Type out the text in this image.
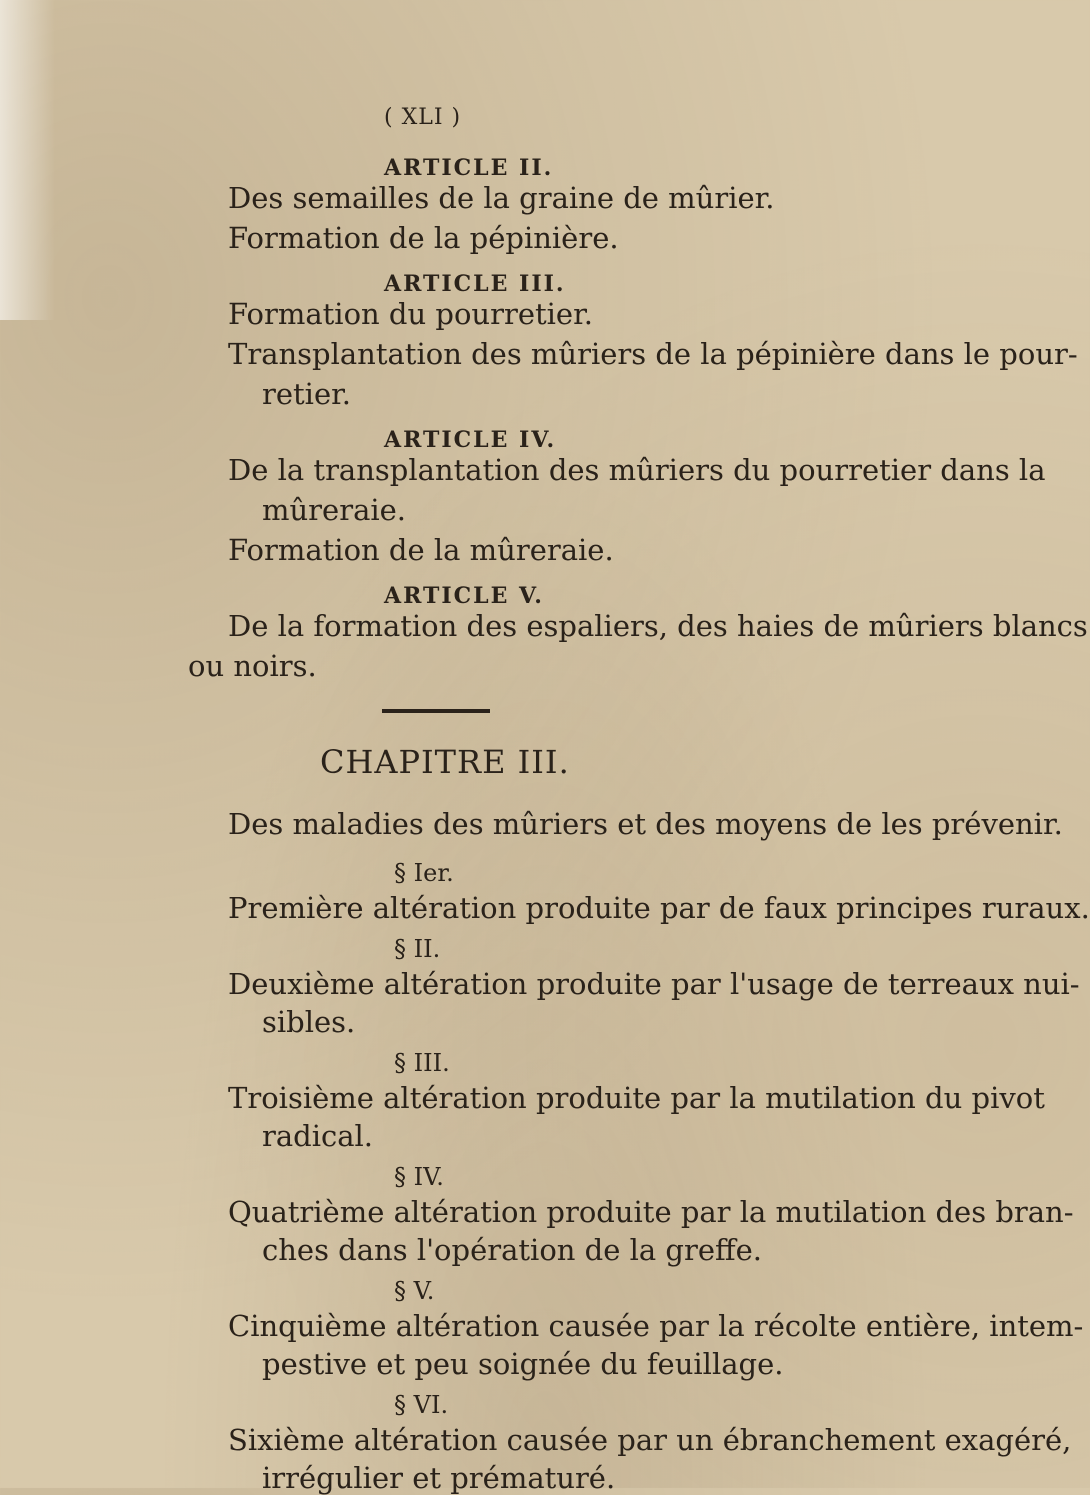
( XLI )
ARTICLE II.
Des semailles de la graine de mûrier.
Formation de la pépinière.
ARTICLE III.
Formation du pourretier.
Transplantation des mûriers de la pépinière dans le pour-
retier.
ARTICLE IV.
De la transplantation des mûriers du pourretier dans la
mûreraie.
Formation de la mûreraie.
ARTICLE V.
De la formation des espaliers, des haies de mûriers blancs
ou noirs.
CHAPITRE III.
Des maladies des mûriers et des moyens de les prévenir.
§ Ier.
Première altération produite par de faux principes ruraux.
§ II.
Deuxième altération produite par l'usage de terreaux nui-
sibles.
§ III.
Troisième altération produite par la mutilation du pivot
radical.
§ IV.
Quatrième altération produite par la mutilation des bran-
ches dans l'opération de la greffe.
§ V.
Cinquième altération causée par la récolte entière, intem-
pestive et peu soignée du feuillage.
§ VI.
Sixième altération causée par un ébranchement exagéré,
irrégulier et prématuré.
